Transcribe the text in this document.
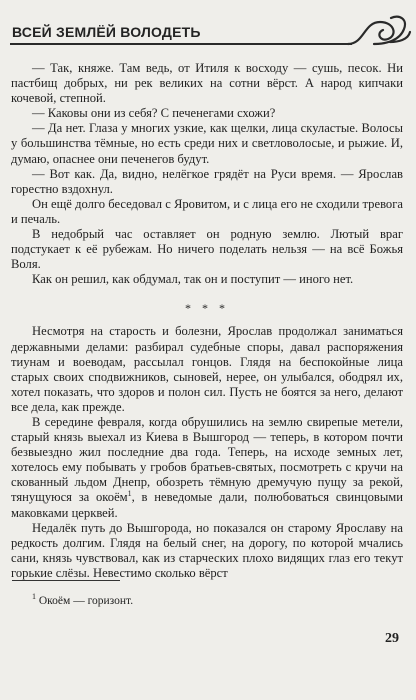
ВСЕЙ ЗЕМЛЁЙ ВОЛОДЕТЬ

— Так, княже. Там ведь, от Итиля к восходу — сушь, песок. Ни пастбищ добрых, ни рек великих на сотни вёрст. А народ кипчаки кочевой, степной.

— Каковы они из себя? С печенегами схожи?

— Да нет. Глаза у многих узкие, как щелки, лица скуластые. Волосы у большинства тёмные, но есть среди них и светловолосые, и рыжие. И, думаю, опаснее они печенегов будут.

— Вот как. Да, видно, нелёгкое грядёт на Руси время. — Ярослав горестно вздохнул.

Он ещё долго беседовал с Яровитом, и с лица его не сходили тревога и печаль.

В недобрый час оставляет он родную землю. Лютый враг подстукает к её рубежам. Но ничего поделать нельзя — на всё Божья Воля.

Как он решил, как обдумал, так он и поступит — иного нет.

* * *

Несмотря на старость и болезни, Ярослав продолжал заниматься державными делами: разбирал судебные споры, давал распоряжения тиунам и воеводам, рассылал гонцов. Глядя на беспокойные лица старых своих сподвижников, сыновей, нерее, он улыбался, ободрял их, хотел показать, что здоров и полон сил. Пусть не боятся за него, делают все дела, как прежде.

В середине февраля, когда обрушились на землю свирепые метели, старый князь выехал из Киева в Вышгород — теперь, в котором почти безвыездно жил последние два года. Теперь, на исходе земных лет, хотелось ему побывать у гробов братьев-святых, посмотреть с кручи на скованный льдом Днепр, обозреть тёмную дремучую пущу за рекой, тянущуюся за окоём$^1$, в неведомые дали, полюбоваться свинцовыми маковками церквей.

Недалёк путь до Вышгорода, но показался он старому Ярославу на редкость долгим. Глядя на белый снег, на дорогу, по которой мчались сани, князь чувствовал, как из старческих плохо видящих глаз его текут горькие слёзы. Невестимо сколько вёрст

$^1$ Окоём — горизонт.
29
